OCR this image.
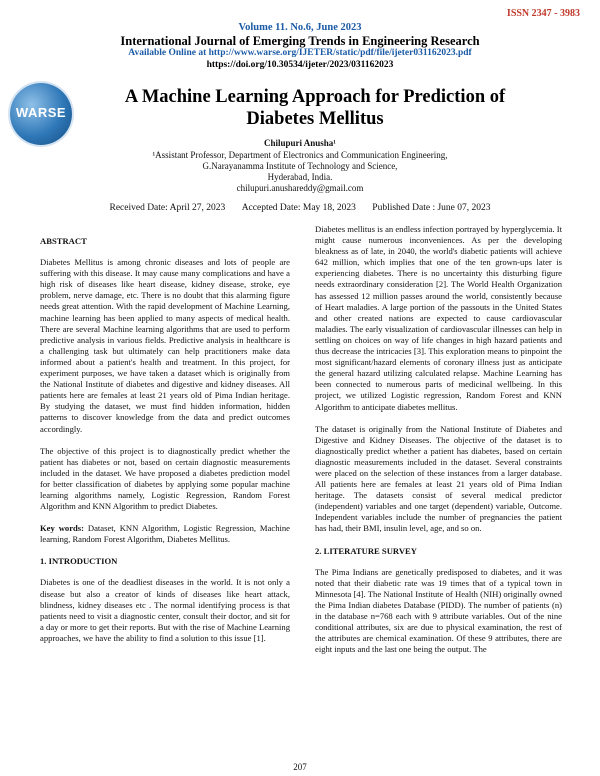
ISSN 2347 - 3983
Volume 11. No.6, June 2023
International Journal of Emerging Trends in Engineering Research
Available Online at http://www.warse.org/IJETER/static/pdf/file/ijeter031162023.pdf
https://doi.org/10.30534/ijeter/2023/031162023
WARSE
A Machine Learning Approach for Prediction of
Diabetes Mellitus
Chilupuri Anusha¹
¹Assistant Professor, Department of Electronics and Communication Engineering,
G.Narayanamma Institute of Technology and Science,
Hyderabad, India.
chilupuri.anushareddy@gmail.com
Received Date: April 27, 2023 Accepted Date: May 18, 2023 Published Date : June 07, 2023
ABSTRACT

Diabetes Mellitus is among chronic diseases and lots of people are suffering with this disease. It may cause many complications and have a high risk of diseases like heart disease, kidney disease, stroke, eye problem, nerve damage, etc. There is no doubt that this alarming figure needs great attention. With the rapid development of Machine Learning, machine learning has been applied to many aspects of medical health. There are several Machine learning algorithms that are used to perform predictive analysis in various fields. Predictive analysis in healthcare is a challenging task but ultimately can help practitioners make data informed about a patient's health and treatment. In this project, for experiment purposes, we have taken a dataset which is originally from the National Institute of diabetes and digestive and kidney diseases. All patients here are females at least 21 years old of Pima Indian heritage. By studying the dataset, we must find hidden information, hidden patterns to discover knowledge from the data and predict outcomes accordingly.

The objective of this project is to diagnostically predict whether the patient has diabetes or not, based on certain diagnostic measurements included in the dataset. We have proposed a diabetes prediction model for better classification of diabetes by applying some popular machine learning algorithms namely, Logistic Regression, Random Forest Algorithm and KNN Algorithm to predict Diabetes.

Key words: Dataset, KNN Algorithm, Logistic Regression, Machine learning, Random Forest Algorithm, Diabetes Mellitus.

1. INTRODUCTION

Diabetes is one of the deadliest diseases in the world. It is not only a disease but also a creator of kinds of diseases like heart attack, blindness, kidney diseases etc . The normal identifying process is that patients need to visit a diagnostic center, consult their doctor, and sit for a day or more to get their reports. But with the rise of Machine Learning approaches, we have the ability to find a solution to this issue [1].

Diabetes mellitus is an endless infection portrayed by hyperglycemia. It might cause numerous inconveniences. As per the developing bleakness as of late, in 2040, the world's diabetic patients will achieve 642 million, which implies that one of the ten grown-ups later is experiencing diabetes. There is no uncertainty this disturbing figure needs extraordinary consideration [2]. The World Health Organization has assessed 12 million passes around the world, consistently because of Heart maladies. A large portion of the passouts in the United States and other created nations are expected to cause cardiovascular maladies. The early visualization of cardiovascular illnesses can help in settling on choices on way of life changes in high hazard patients and thus decrease the intricacies [3]. This exploration means to pinpoint the most significant/hazard elements of coronary illness just as anticipate the general hazard utilizing calculated relapse. Machine Learning has been connected to numerous parts of medicinal wellbeing. In this project, we utilized Logistic regression, Random Forest and KNN Algorithm to anticipate diabetes mellitus.

The dataset is originally from the National Institute of Diabetes and Digestive and Kidney Diseases. The objective of the dataset is to diagnostically predict whether a patient has diabetes, based on certain diagnostic measurements included in the dataset. Several constraints were placed on the selection of these instances from a larger database. All patients here are females at least 21 years old of Pima Indian heritage. The datasets consist of several medical predictor (independent) variables and one target (dependent) variable, Outcome. Independent variables include the number of pregnancies the patient has had, their BMI, insulin level, age, and so on.

2. LITERATURE SURVEY

The Pima Indians are genetically predisposed to diabetes, and it was noted that their diabetic rate was 19 times that of a typical town in Minnesota [4]. The National Institute of Health (NIH) originally owned the Pima Indian diabetes Database (PIDD). The number of patients (n) in the database n=768 each with 9 attribute variables. Out of the nine conditional attributes, six are due to physical examination, the rest of the attributes are chemical examination. Of these 9 attributes, there are eight inputs and the last one being the output. The

207
